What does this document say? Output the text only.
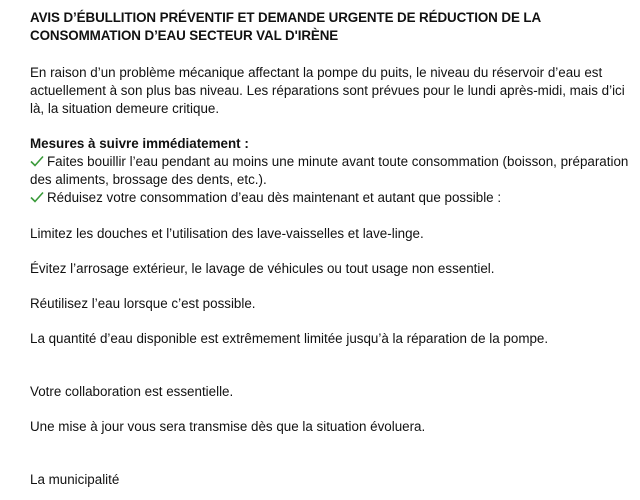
AVIS D’ÉBULLITION PRÉVENTIF ET DEMANDE URGENTE DE RÉDUCTION DE LA CONSOMMATION D’EAU SECTEUR VAL D'IRÈNE
En raison d’un problème mécanique affectant la pompe du puits, le niveau du réservoir d’eau est actuellement à son plus bas niveau. Les réparations sont prévues pour le lundi après-midi, mais d’ici là, la situation demeure critique.
Mesures à suivre immédiatement :
Faites bouillir l’eau pendant au moins une minute avant toute consommation (boisson, préparation des aliments, brossage des dents, etc.).
Réduisez votre consommation d’eau dès maintenant et autant que possible :
Limitez les douches et l’utilisation des lave-vaisselles et lave-linge.
Évitez l’arrosage extérieur, le lavage de véhicules ou tout usage non essentiel.
Réutilisez l’eau lorsque c’est possible.
La quantité d’eau disponible est extrêmement limitée jusqu’à la réparation de la pompe.
Votre collaboration est essentielle.
Une mise à jour vous sera transmise dès que la situation évoluera.
La municipalité
